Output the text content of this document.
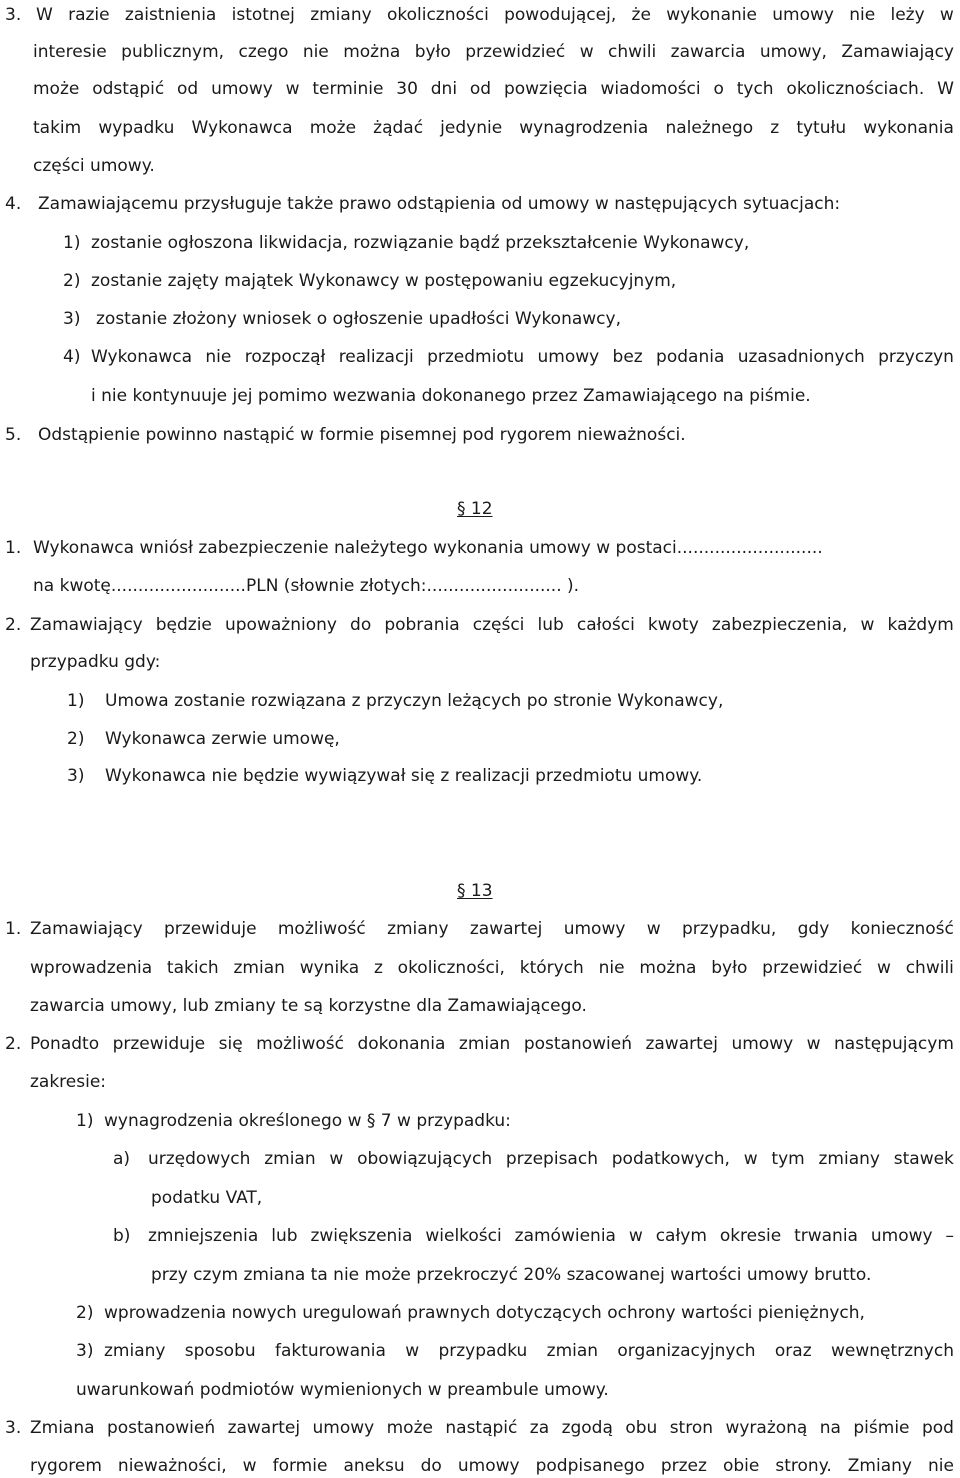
3. W razie zaistnienia istotnej zmiany okoliczności powodującej, że wykonanie umowy nie leży w
interesie publicznym, czego nie można było przewidzieć w chwili zawarcia umowy, Zamawiający
może odstąpić od umowy w terminie 30 dni od powzięcia wiadomości o tych okolicznościach. W
takim wypadku Wykonawca może żądać jedynie wynagrodzenia należnego z tytułu wykonania
części umowy.
4. Zamawiającemu przysługuje także prawo odstąpienia od umowy w następujących sytuacjach:
1) zostanie ogłoszona likwidacja, rozwiązanie bądź przekształcenie Wykonawcy,
2) zostanie zajęty majątek Wykonawcy w postępowaniu egzekucyjnym,
3) zostanie złożony wniosek o ogłoszenie upadłości Wykonawcy,
4) Wykonawca nie rozpoczął realizacji przedmiotu umowy bez podania uzasadnionych przyczyn
i nie kontynuuje jej pomimo wezwania dokonanego przez Zamawiającego na piśmie.
5. Odstąpienie powinno nastąpić w formie pisemnej pod rygorem nieważności.
§ 12
1. Wykonawca wniósł zabezpieczenie należytego wykonania umowy w postaci...........................
na kwotę.........................PLN (słownie złotych:......................... ).
2. Zamawiający będzie upoważniony do pobrania części lub całości kwoty zabezpieczenia, w każdym
przypadku gdy:
1) Umowa zostanie rozwiązana z przyczyn leżących po stronie Wykonawcy,
2) Wykonawca zerwie umowę,
3) Wykonawca nie będzie wywiązywał się z realizacji przedmiotu umowy.
§ 13
1. Zamawiający przewiduje możliwość zmiany zawartej umowy w przypadku, gdy konieczność
wprowadzenia takich zmian wynika z okoliczności, których nie można było przewidzieć w chwili
zawarcia umowy, lub zmiany te są korzystne dla Zamawiającego.
2. Ponadto przewiduje się możliwość dokonania zmian postanowień zawartej umowy w następującym
zakresie:
1) wynagrodzenia określonego w § 7 w przypadku:
a) urzędowych zmian w obowiązujących przepisach podatkowych, w tym zmiany stawek
podatku VAT,
b) zmniejszenia lub zwiększenia wielkości zamówienia w całym okresie trwania umowy –
przy czym zmiana ta nie może przekroczyć 20% szacowanej wartości umowy brutto.
2) wprowadzenia nowych uregulowań prawnych dotyczących ochrony wartości pieniężnych,
3) zmiany sposobu fakturowania w przypadku zmian organizacyjnych oraz wewnętrznych
uwarunkowań podmiotów wymienionych w preambule umowy.
3. Zmiana postanowień zawartej umowy może nastąpić za zgodą obu stron wyrażoną na piśmie pod
rygorem nieważności, w formie aneksu do umowy podpisanego przez obie strony. Zmiany nie
